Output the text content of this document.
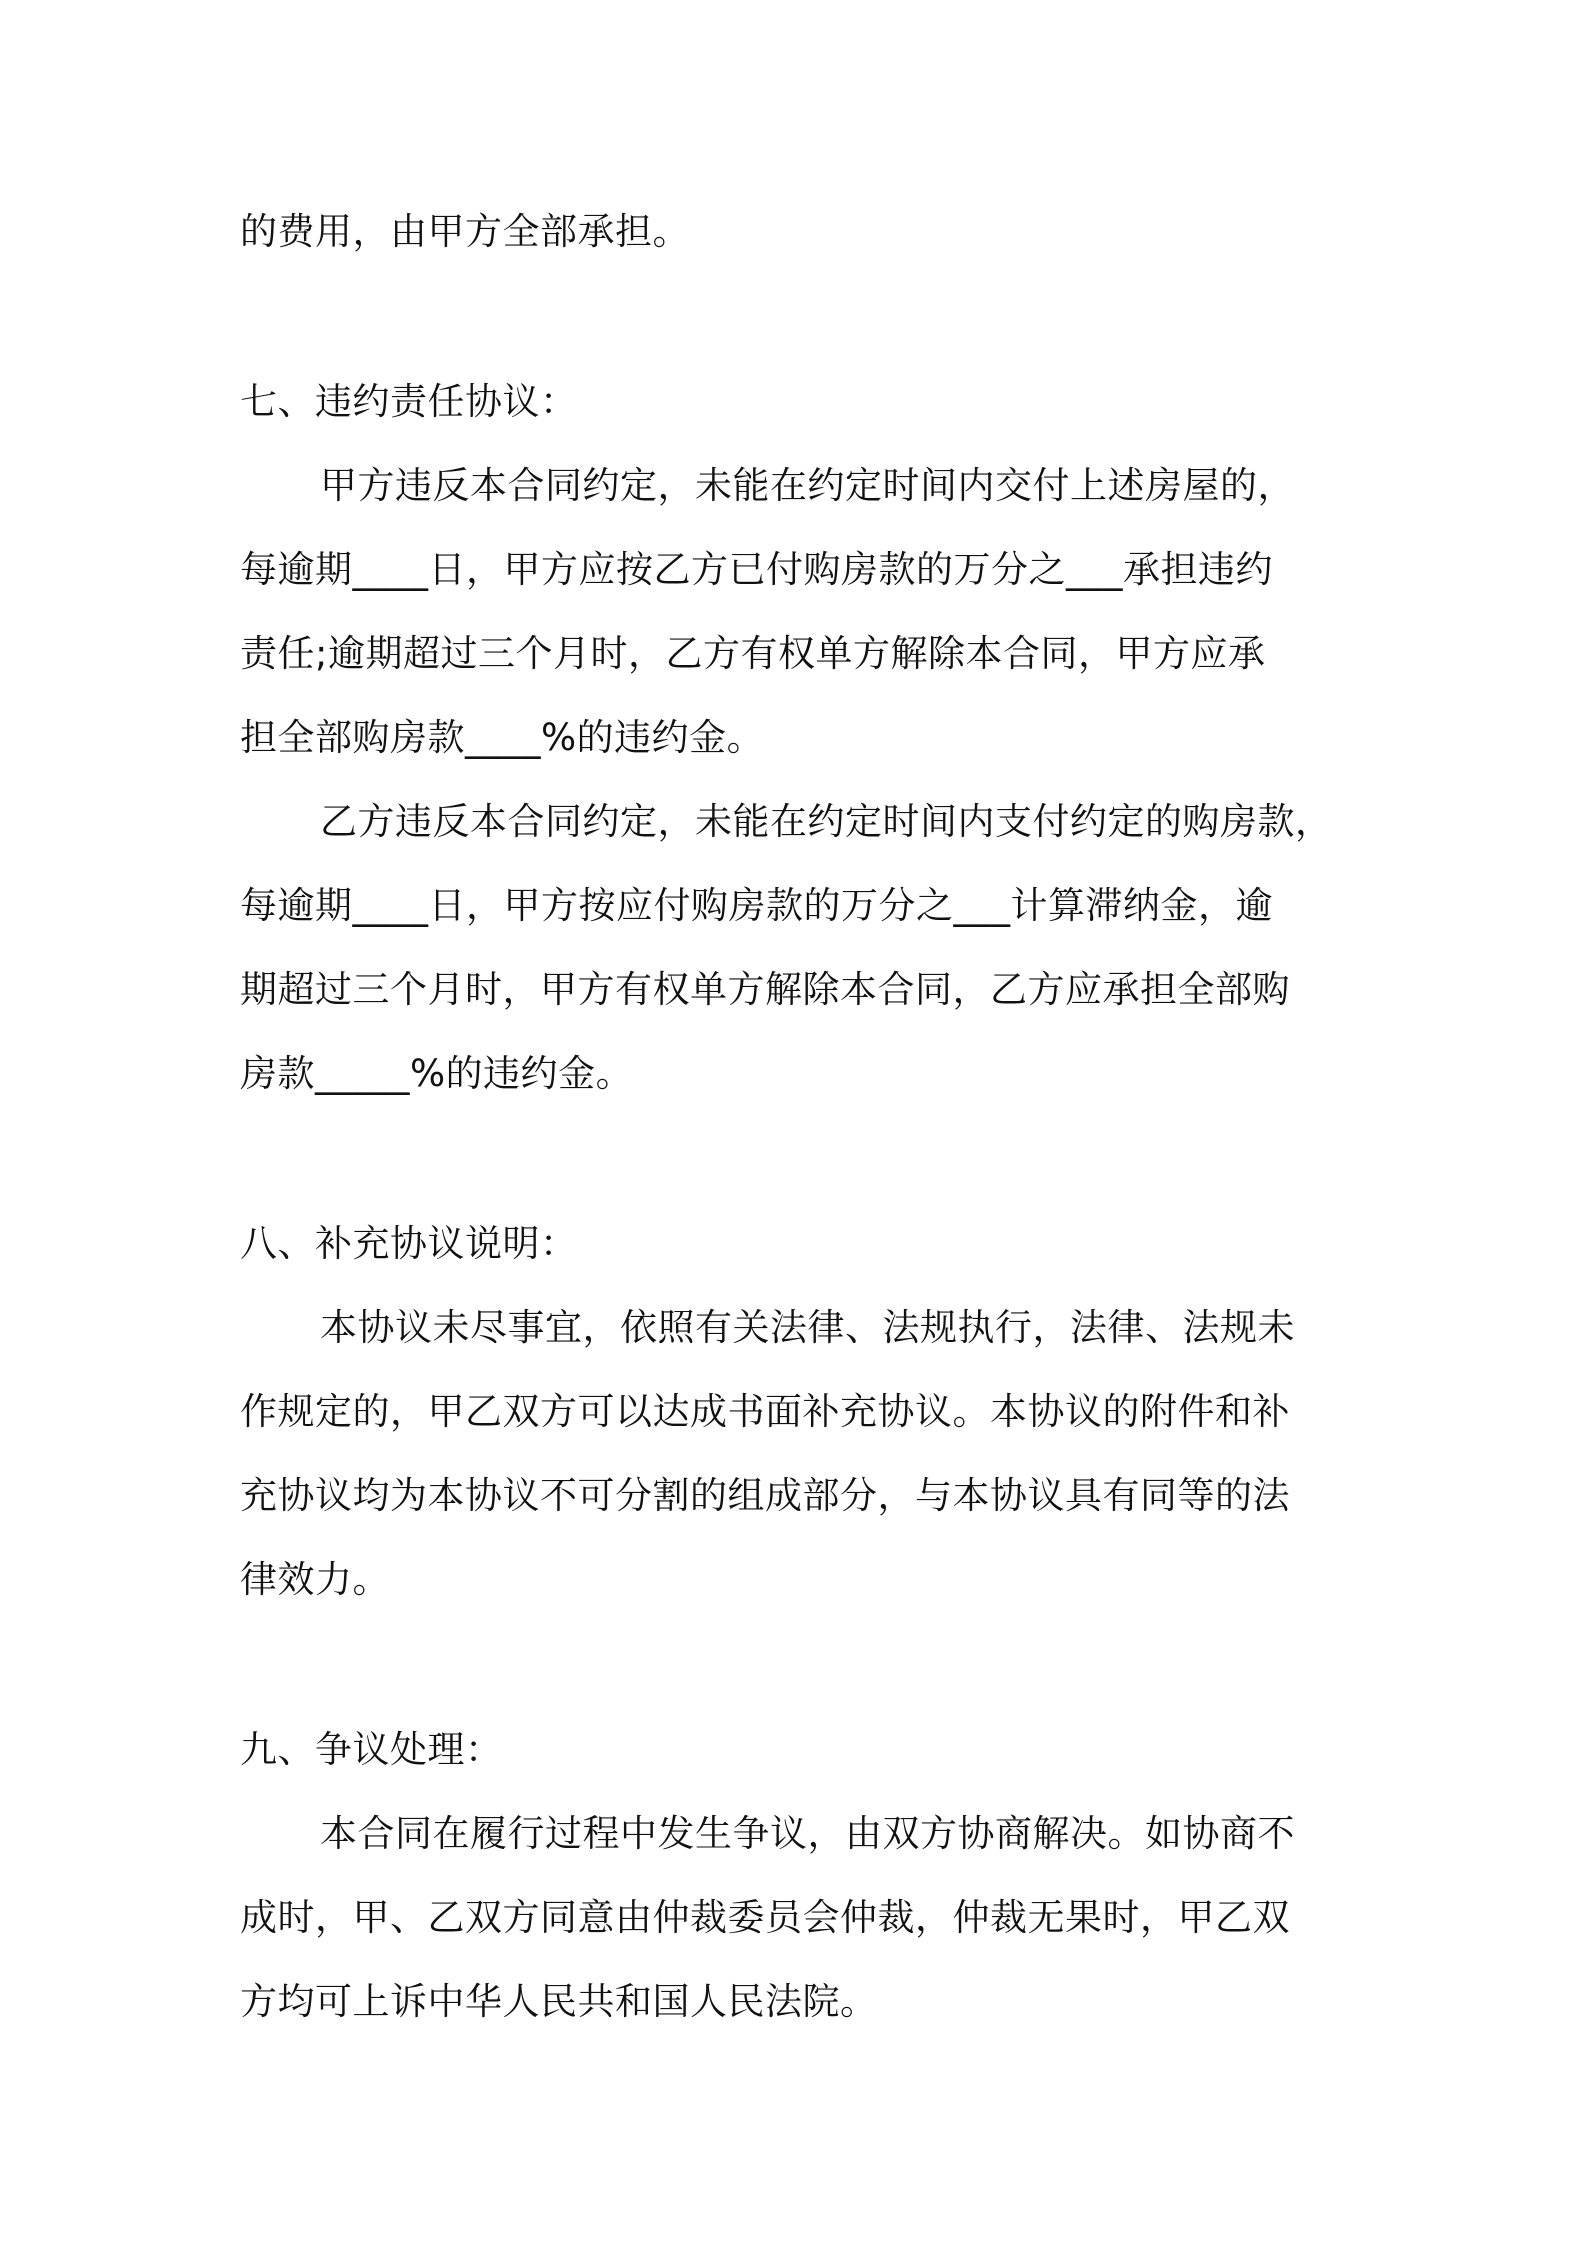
的费用，由甲方全部承担。
七、违约责任协议：
甲方违反本合同约定，未能在约定时间内交付上述房屋的，
每逾期____日，甲方应按乙方已付购房款的万分之___承担违约
责任;逾期超过三个月时，乙方有权单方解除本合同，甲方应承
担全部购房款____%的违约金。
乙方违反本合同约定，未能在约定时间内支付约定的购房款，
每逾期____日，甲方按应付购房款的万分之___计算滞纳金，逾
期超过三个月时，甲方有权单方解除本合同，乙方应承担全部购
房款_____%的违约金。
八、补充协议说明：
本协议未尽事宜，依照有关法律、法规执行，法律、法规未
作规定的，甲乙双方可以达成书面补充协议。本协议的附件和补
充协议均为本协议不可分割的组成部分，与本协议具有同等的法
律效力。
九、争议处理：
本合同在履行过程中发生争议，由双方协商解决。如协商不
成时，甲、乙双方同意由仲裁委员会仲裁，仲裁无果时，甲乙双
方均可上诉中华人民共和国人民法院。
